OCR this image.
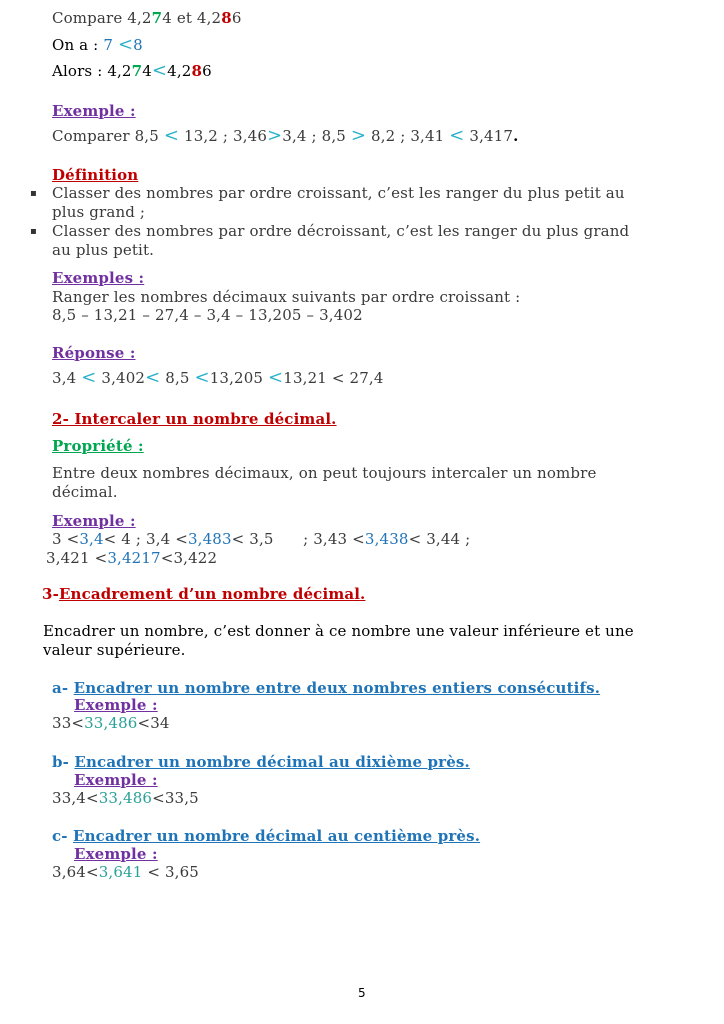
Compare 4,274 et 4,286
On a : 7 <8
Alors : 4,274<4,286
Exemple :
Comparer 8,5 < 13,2 ; 3,46>3,4 ; 8,5 > 8,2 ; 3,41 < 3,417.
Définition
▪ Classer des nombres par ordre croissant, c’est les ranger du plus petit au
plus grand ;
▪ Classer des nombres par ordre décroissant, c’est les ranger du plus grand
au plus petit.
Exemples :
Ranger les nombres décimaux suivants par ordre croissant :
8,5 – 13,21 – 27,4 – 3,4 – 13,205 – 3,402
Réponse :
3,4 < 3,402< 8,5 <13,205 <13,21 < 27,4
2- Intercaler un nombre décimal.
Propriété :
Entre deux nombres décimaux, on peut toujours intercaler un nombre
décimal.
Exemple :
3 <3,4< 4 ; 3,4 <3,483< 3,5      ; 3,43 <3,438< 3,44 ;
3,421 <3,4217<3,422
3-Encadrement d’un nombre décimal.
Encadrer un nombre, c’est donner à ce nombre une valeur inférieure et une
valeur supérieure.
a- Encadrer un nombre entre deux nombres entiers consécutifs.
Exemple :
33<33,486<34
b- Encadrer un nombre décimal au dixième près.
Exemple :
33,4<33,486<33,5
c- Encadrer un nombre décimal au centième près.
Exemple :
3,64<3,641 < 3,65
5
